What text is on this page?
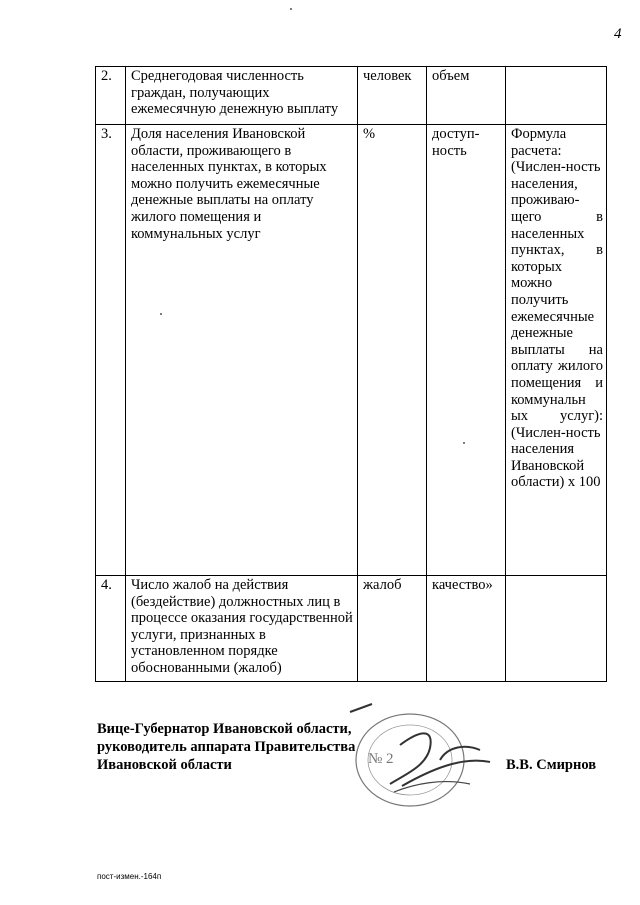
4
2.	Среднегодовая численность граждан, получающих ежемесячную денежную выплату	человек	объем	
3.	Доля населения Ивановской области, проживающего в населенных пунктах, в которых можно получить ежемесячные денежные выплаты на оплату жилого помещения и коммунальных услуг	%	доступ-ность	Формула расчета: (Числен-ность населения, проживаю-щего в населенных пунктах, в которых можно получить ежемесячные денежные выплаты на оплату жилого помещения и коммунальн ых услуг): (Числен-ность населения Ивановской области) х 100
4.	Число жалоб на действия (бездействие) должностных лиц в процессе оказания государственной услуги, признанных в установленном порядке обоснованными (жалоб)	жалоб	качество»	
№ 2
Вице-Губернатор Ивановской области,
руководитель аппарата Правительства
Ивановской области	В.В. Смирнов
пост-измен.-164п
